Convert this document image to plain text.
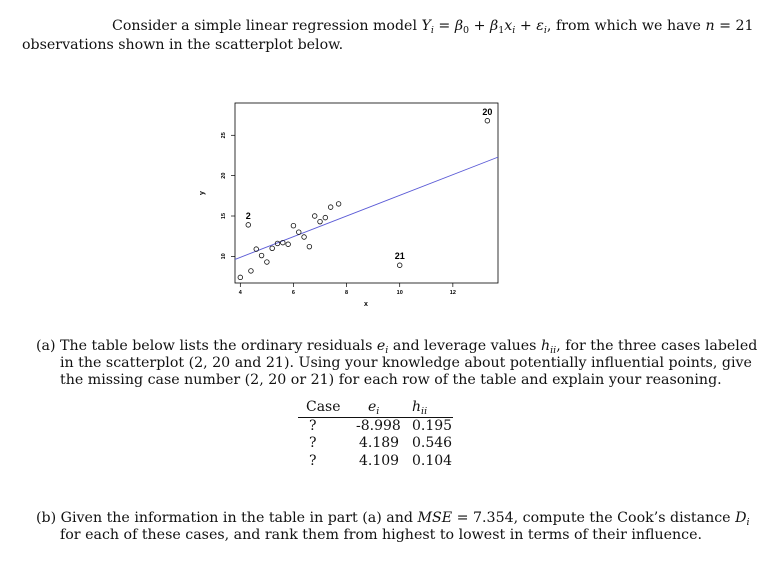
Consider a simple linear regression model $Y_i = \beta_0 + \beta_1x_i + \varepsilon_i$, from which we have n = 21
observations shown in the scatterplot below.
2
20
21
4	6	8	10	12
10
15
20
25
x
y
(a) The table below lists the ordinary residuals $e_i$ and leverage values $h_{ii}$, for the three cases labeled
in the scatterplot (2, 20 and 21). Using your knowledge about potentially influential points, give
the missing case number (2, 20 or 21) for each row of the table and explain your reasoning.
Case $e_i$ $h_{ii}$
?	-8.998 0.195
?	4.189 0.546
?	4.109 0.104
(b) Given the information in the table in part (a) and MSE = 7.354, compute the Cook’s distance $D_i$
for each of these cases, and rank them from highest to lowest in terms of their influence.
